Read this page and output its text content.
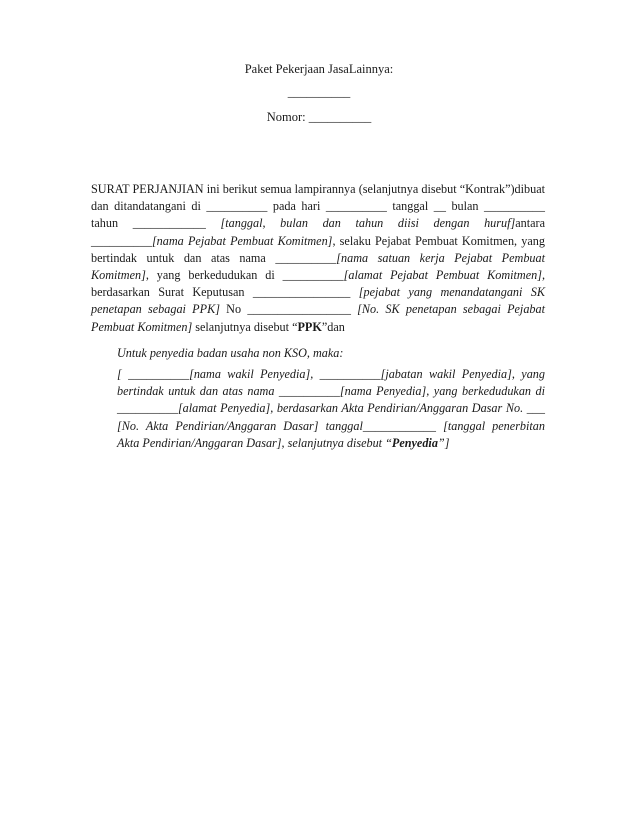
Paket Pekerjaan JasaLainnya:
__________
Nomor: __________
SURAT PERJANJIAN ini berikut semua lampirannya (selanjutnya disebut “Kontrak”)dibuat dan ditandatangani di __________ pada hari __________ tanggal __ bulan __________ tahun ____________ [tanggal, bulan dan tahun diisi dengan huruf]antara __________[nama Pejabat Pembuat Komitmen], selaku Pejabat Pembuat Komitmen, yang bertindak untuk dan atas nama __________[nama satuan kerja Pejabat Pembuat Komitmen], yang berkedudukan di __________[alamat Pejabat Pembuat Komitmen], berdasarkan Surat Keputusan ________________ [pejabat yang menandatangani SK penetapan sebagai PPK] No _________________ [No. SK penetapan sebagai Pejabat Pembuat Komitmen] selanjutnya disebut “PPK”dan
Untuk penyedia badan usaha non KSO, maka:
[ __________[nama wakil Penyedia], __________[jabatan wakil Penyedia], yang bertindak untuk dan atas nama __________[nama Penyedia], yang berkedudukan di __________[alamat Penyedia], berdasarkan Akta Pendirian/Anggaran Dasar No. ___ [No. Akta Pendirian/Anggaran Dasar] tanggal____________ [tanggal penerbitan Akta Pendirian/Anggaran Dasar], selanjutnya disebut “Penyedia”]
